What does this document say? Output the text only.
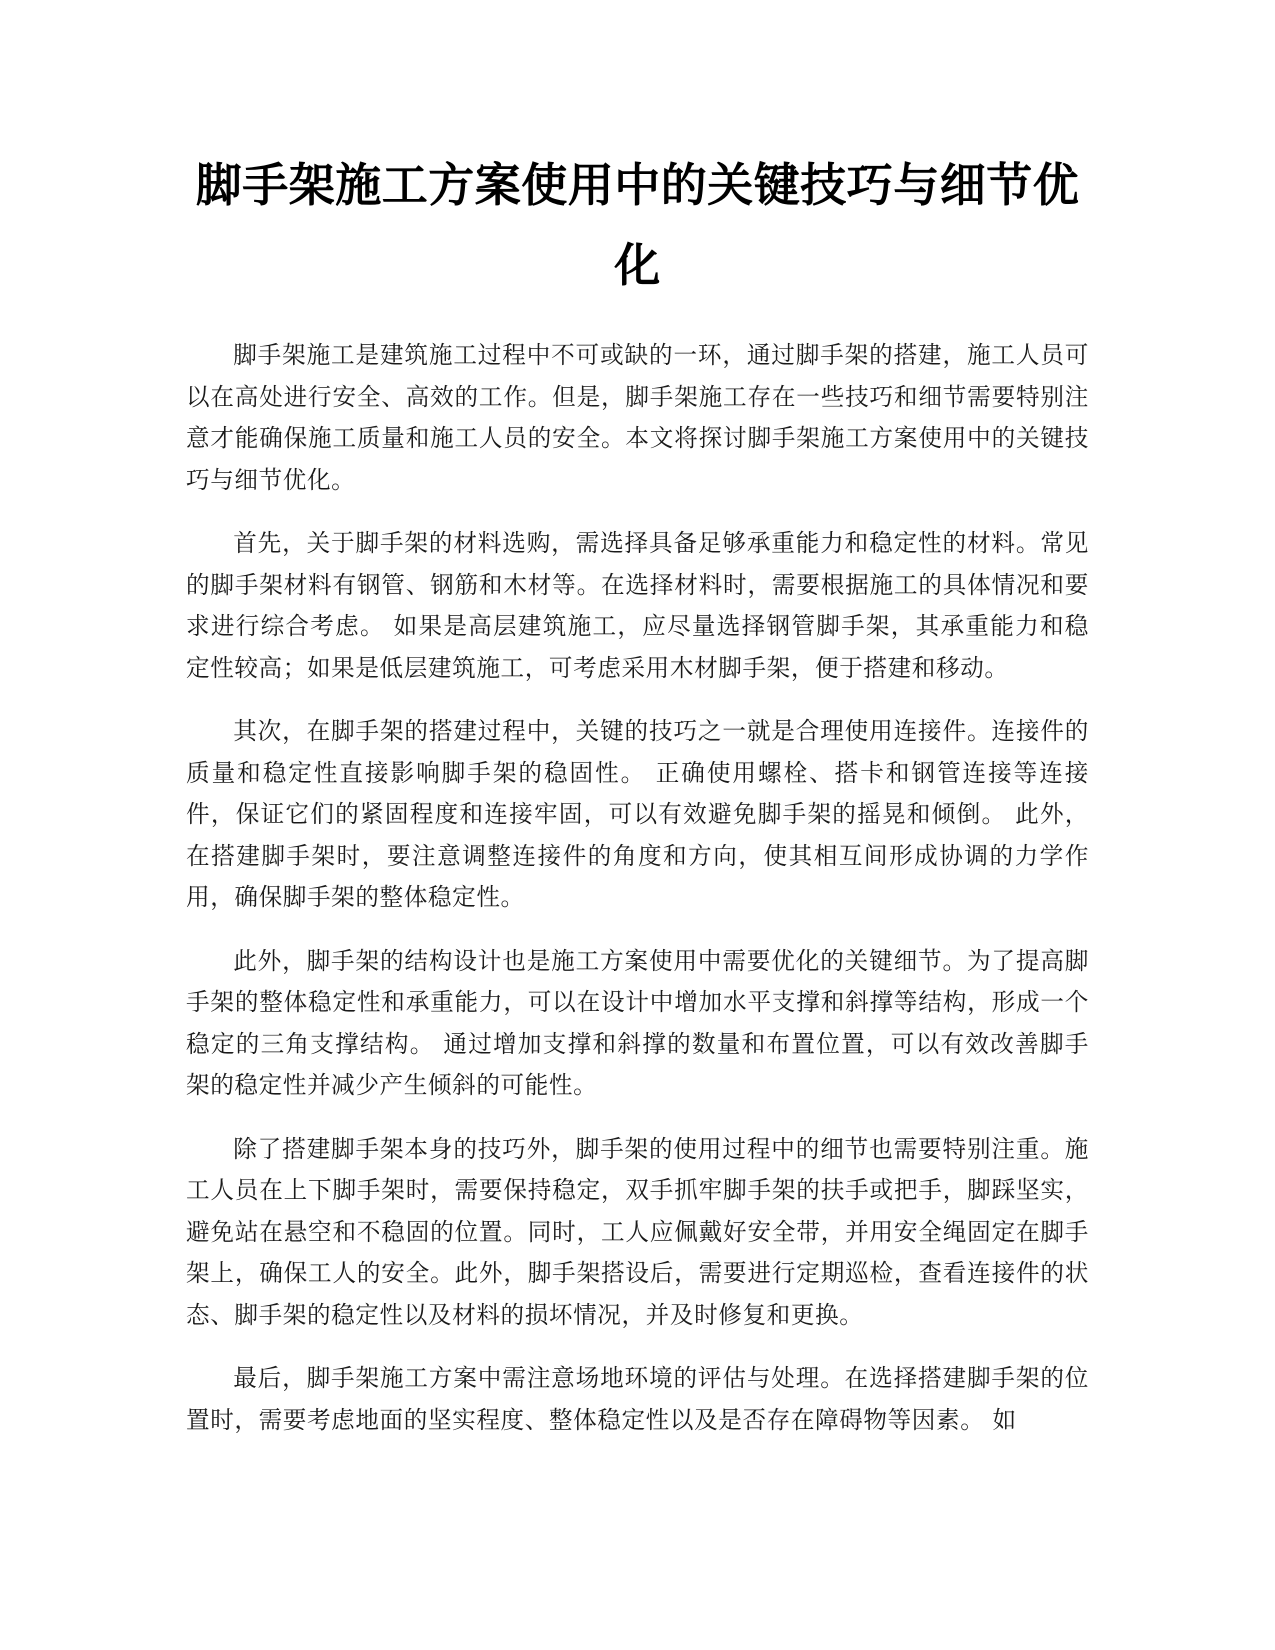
脚手架施工方案使用中的关键技巧与细节优化

脚手架施工是建筑施工过程中不可或缺的一环，通过脚手架的搭建，施工人员可以在高处进行安全、高效的工作。但是，脚手架施工存在一些技巧和细节需要特别注意才能确保施工质量和施工人员的安全。本文将探讨脚手架施工方案使用中的关键技巧与细节优化。

首先，关于脚手架的材料选购，需选择具备足够承重能力和稳定性的材料。常见的脚手架材料有钢管、钢筋和木材等。在选择材料时，需要根据施工的具体情况和要求进行综合考虑。 如果是高层建筑施工，应尽量选择钢管脚手架，其承重能力和稳定性较高；如果是低层建筑施工，可考虑采用木材脚手架，便于搭建和移动。

其次，在脚手架的搭建过程中，关键的技巧之一就是合理使用连接件。连接件的质量和稳定性直接影响脚手架的稳固性。 正确使用螺栓、搭卡和钢管连接等连接件，保证它们的紧固程度和连接牢固，可以有效避免脚手架的摇晃和倾倒。 此外，在搭建脚手架时，要注意调整连接件的角度和方向，使其相互间形成协调的力学作用，确保脚手架的整体稳定性。

此外，脚手架的结构设计也是施工方案使用中需要优化的关键细节。为了提高脚手架的整体稳定性和承重能力，可以在设计中增加水平支撑和斜撑等结构，形成一个稳定的三角支撑结构。 通过增加支撑和斜撑的数量和布置位置，可以有效改善脚手架的稳定性并减少产生倾斜的可能性。

除了搭建脚手架本身的技巧外，脚手架的使用过程中的细节也需要特别注重。施工人员在上下脚手架时，需要保持稳定，双手抓牢脚手架的扶手或把手，脚踩坚实，避免站在悬空和不稳固的位置。同时，工人应佩戴好安全带，并用安全绳固定在脚手架上，确保工人的安全。此外，脚手架搭设后，需要进行定期巡检，查看连接件的状态、脚手架的稳定性以及材料的损坏情况，并及时修复和更换。

最后，脚手架施工方案中需注意场地环境的评估与处理。在选择搭建脚手架的位置时，需要考虑地面的坚实程度、整体稳定性以及是否存在障碍物等因素。 如
